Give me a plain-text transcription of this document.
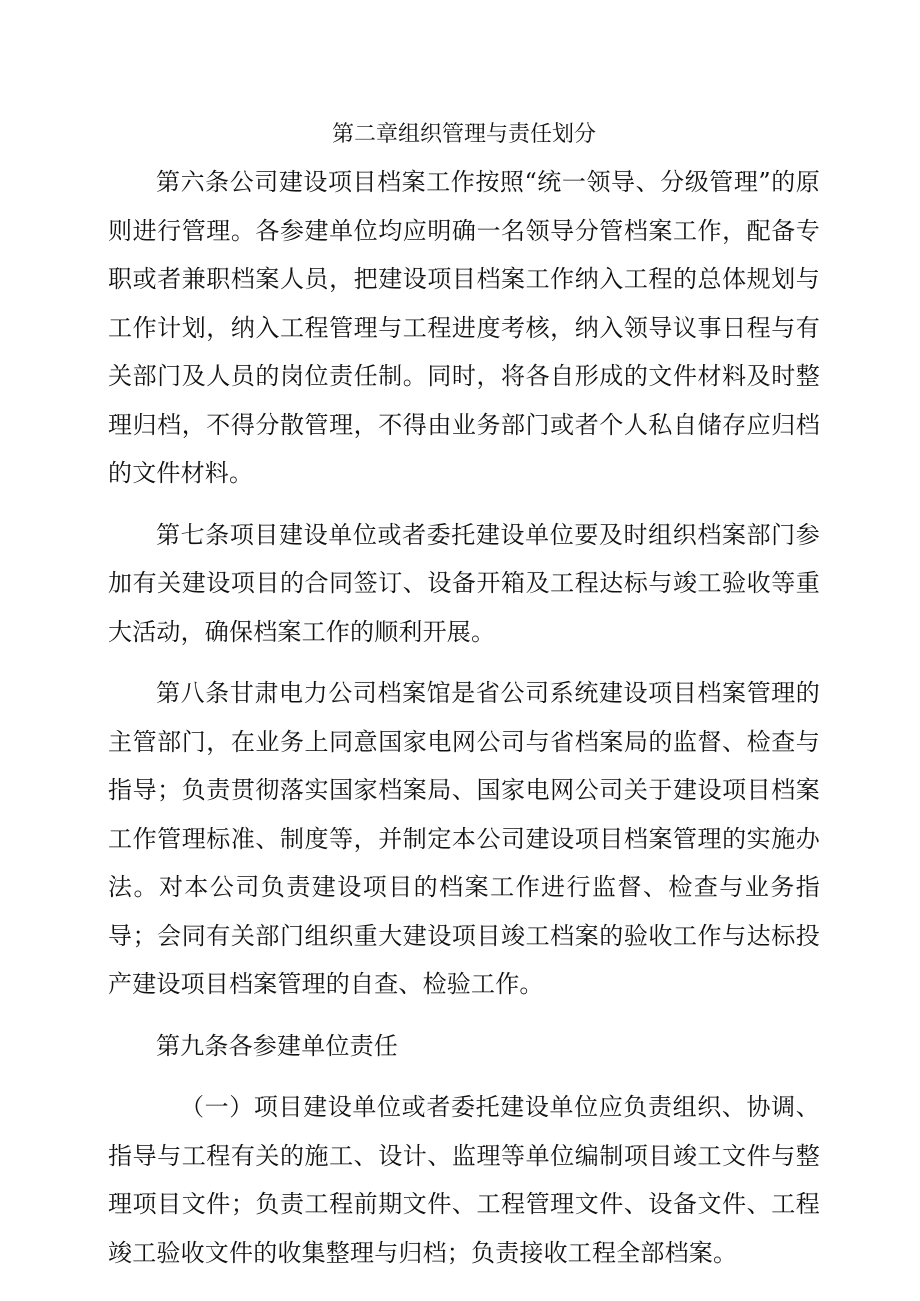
第二章组织管理与责任划分

第六条公司建设项目档案工作按照“统一领导、分级管理”的原则进行管理。各参建单位均应明确一名领导分管档案工作，配备专职或者兼职档案人员，把建设项目档案工作纳入工程的总体规划与工作计划，纳入工程管理与工程进度考核，纳入领导议事日程与有关部门及人员的岗位责任制。同时，将各自形成的文件材料及时整理归档，不得分散管理，不得由业务部门或者个人私自储存应归档的文件材料。

第七条项目建设单位或者委托建设单位要及时组织档案部门参加有关建设项目的合同签订、设备开箱及工程达标与竣工验收等重大活动，确保档案工作的顺利开展。

第八条甘肃电力公司档案馆是省公司系统建设项目档案管理的主管部门，在业务上同意国家电网公司与省档案局的监督、检查与指导；负责贯彻落实国家档案局、国家电网公司关于建设项目档案工作管理标准、制度等，并制定本公司建设项目档案管理的实施办法。对本公司负责建设项目的档案工作进行监督、检查与业务指导；会同有关部门组织重大建设项目竣工档案的验收工作与达标投产建设项目档案管理的自查、检验工作。

第九条各参建单位责任

（一）项目建设单位或者委托建设单位应负责组织、协调、指导与工程有关的施工、设计、监理等单位编制项目竣工文件与整理项目文件；负责工程前期文件、工程管理文件、设备文件、工程竣工验收文件的收集整理与归档；负责接收工程全部档案。
